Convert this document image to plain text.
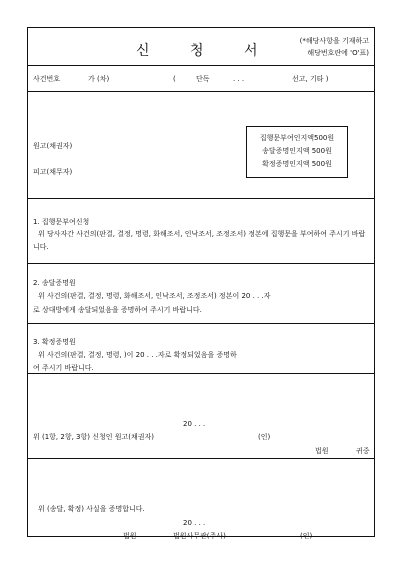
신 청 서
(*해당사항을 기재하고
해당번호란에 'O'표)
사건번호	가 (차)	(	단독	. . .	선고, 기타 )
원고(채권자)
피고(채무자)
집행문부여인지액500원
송달증명인지액 500원
확정증명인지액 500원
1. 집행문부여신청
위 당사자간 사건의(판결, 결정, 명령, 화해조서, 인낙조서, 조정조서) 정본에 집행문을 부여하여 주시기 바랍니다.
2. 송달증명원
위 사건의(판결, 결정, 명령, 화해조서, 인낙조서, 조정조서) 정본이 20 . . .자
로 상대방에게 송달되었음을 증명하여 주시기 바랍니다.
3. 확정증명원
위 사건의(판결, 결정, 명령, )이 20 . . .자로 확정되었음을 증명하
여 주시기 바랍니다.
20 . . .
위 (1항, 2항, 3항) 신청인 원고(채권자)	(인)
법원	귀중
위 (송달, 확정) 사실을 증명합니다.
20 . . .
법원	법원사무관(주사)	(인)
